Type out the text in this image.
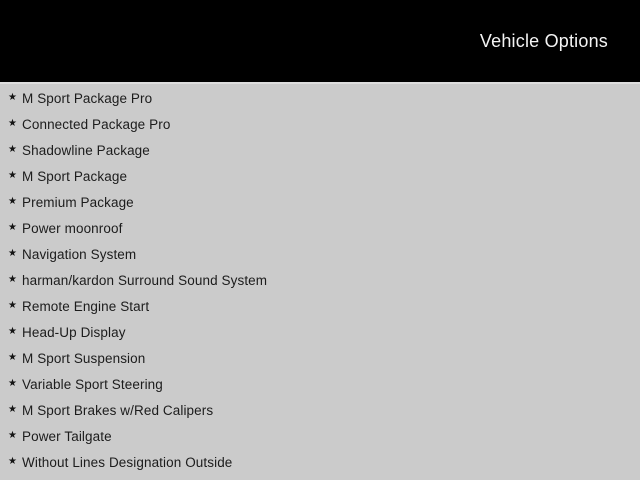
Vehicle Options
★ M Sport Package Pro
★ Connected Package Pro
★ Shadowline Package
★ M Sport Package
★ Premium Package
★ Power moonroof
★ Navigation System
★ harman/kardon Surround Sound System
★ Remote Engine Start
★ Head-Up Display
★ M Sport Suspension
★ Variable Sport Steering
★ M Sport Brakes w/Red Calipers
★ Power Tailgate
★ Without Lines Designation Outside
